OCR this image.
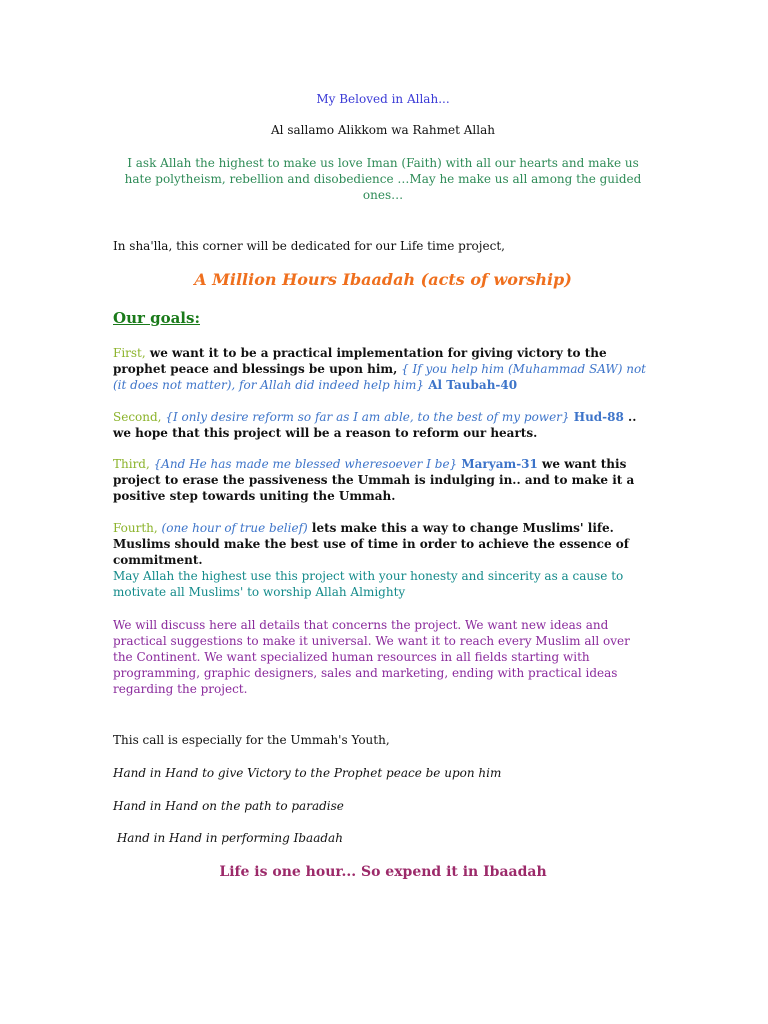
My Beloved in Allah...

Al sallamo Alikkom wa Rahmet Allah

I ask Allah the highest to make us love Iman (Faith) with all our hearts and make us hate polytheism, rebellion and disobedience …May he make us all among the guided ones…

In sha'lla, this corner will be dedicated for our Life time project,

A Million Hours Ibaadah (acts of worship)

Our goals:

First, we want it to be a practical implementation for giving victory to the prophet peace and blessings be upon him, { If you help him (Muhammad SAW) not (it does not matter), for Allah did indeed help him} Al Taubah-40

Second, {I only desire reform so far as I am able, to the best of my power} Hud-88 .. we hope that this project will be a reason to reform our hearts.

Third, {And He has made me blessed wheresoever I be} Maryam-31 we want this project to erase the passiveness the Ummah is indulging in.. and to make it a positive step towards uniting the Ummah.

Fourth, (one hour of true belief) lets make this a way to change Muslims' life. Muslims should make the best use of time in order to achieve the essence of commitment.

May Allah the highest use this project with your honesty and sincerity as a cause to motivate all Muslims' to worship Allah Almighty

We will discuss here all details that concerns the project. We want new ideas and practical suggestions to make it universal. We want it to reach every Muslim all over the Continent. We want specialized human resources in all fields starting with programming, graphic designers, sales and marketing, ending with practical ideas regarding the project.

This call is especially for the Ummah's Youth,

Hand in Hand to give Victory to the Prophet peace be upon him

Hand in Hand on the path to paradise

Hand in Hand in performing Ibaadah

Life is one hour... So expend it in Ibaadah
